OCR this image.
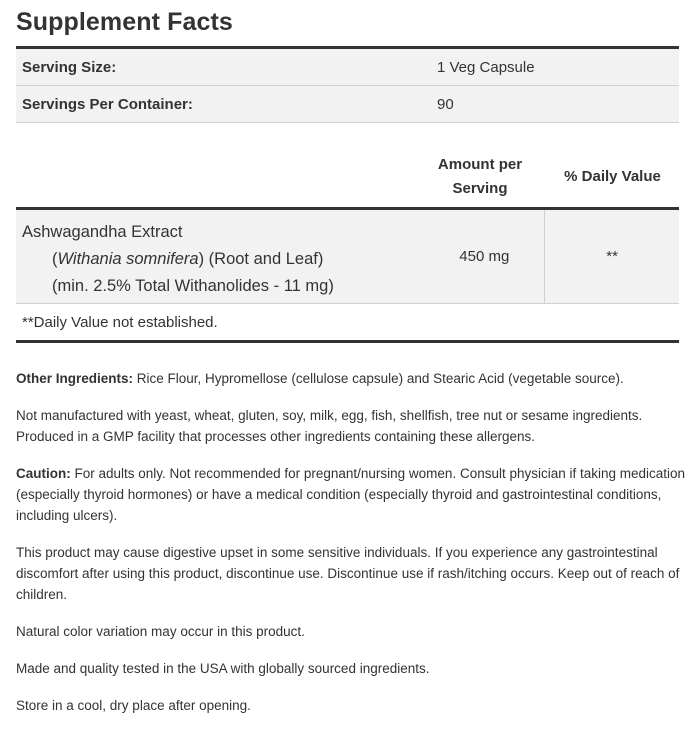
Supplement Facts
Serving Size:	1 Veg Capsule
Servings Per Container:	90
Amount per
Serving
% Daily Value
Ashwagandha Extract
(Withania somnifera) (Root and Leaf)
(min. 2.5% Total Withanolides - 11 mg)
450 mg	**
**Daily Value not established.

Other Ingredients: Rice Flour, Hypromellose (cellulose capsule) and Stearic Acid (vegetable source).

Not manufactured with yeast, wheat, gluten, soy, milk, egg, fish, shellfish, tree nut or sesame ingredients.
Produced in a GMP facility that processes other ingredients containing these allergens.

Caution: For adults only. Not recommended for pregnant/nursing women. Consult physician if taking medication (especially thyroid hormones) or have a medical condition (especially thyroid and gastrointestinal conditions, including ulcers).

This product may cause digestive upset in some sensitive individuals. If you experience any gastrointestinal discomfort after using this product, discontinue use. Discontinue use if rash/itching occurs. Keep out of reach of children.

Natural color variation may occur in this product.

Made and quality tested in the USA with globally sourced ingredients.

Store in a cool, dry place after opening.
